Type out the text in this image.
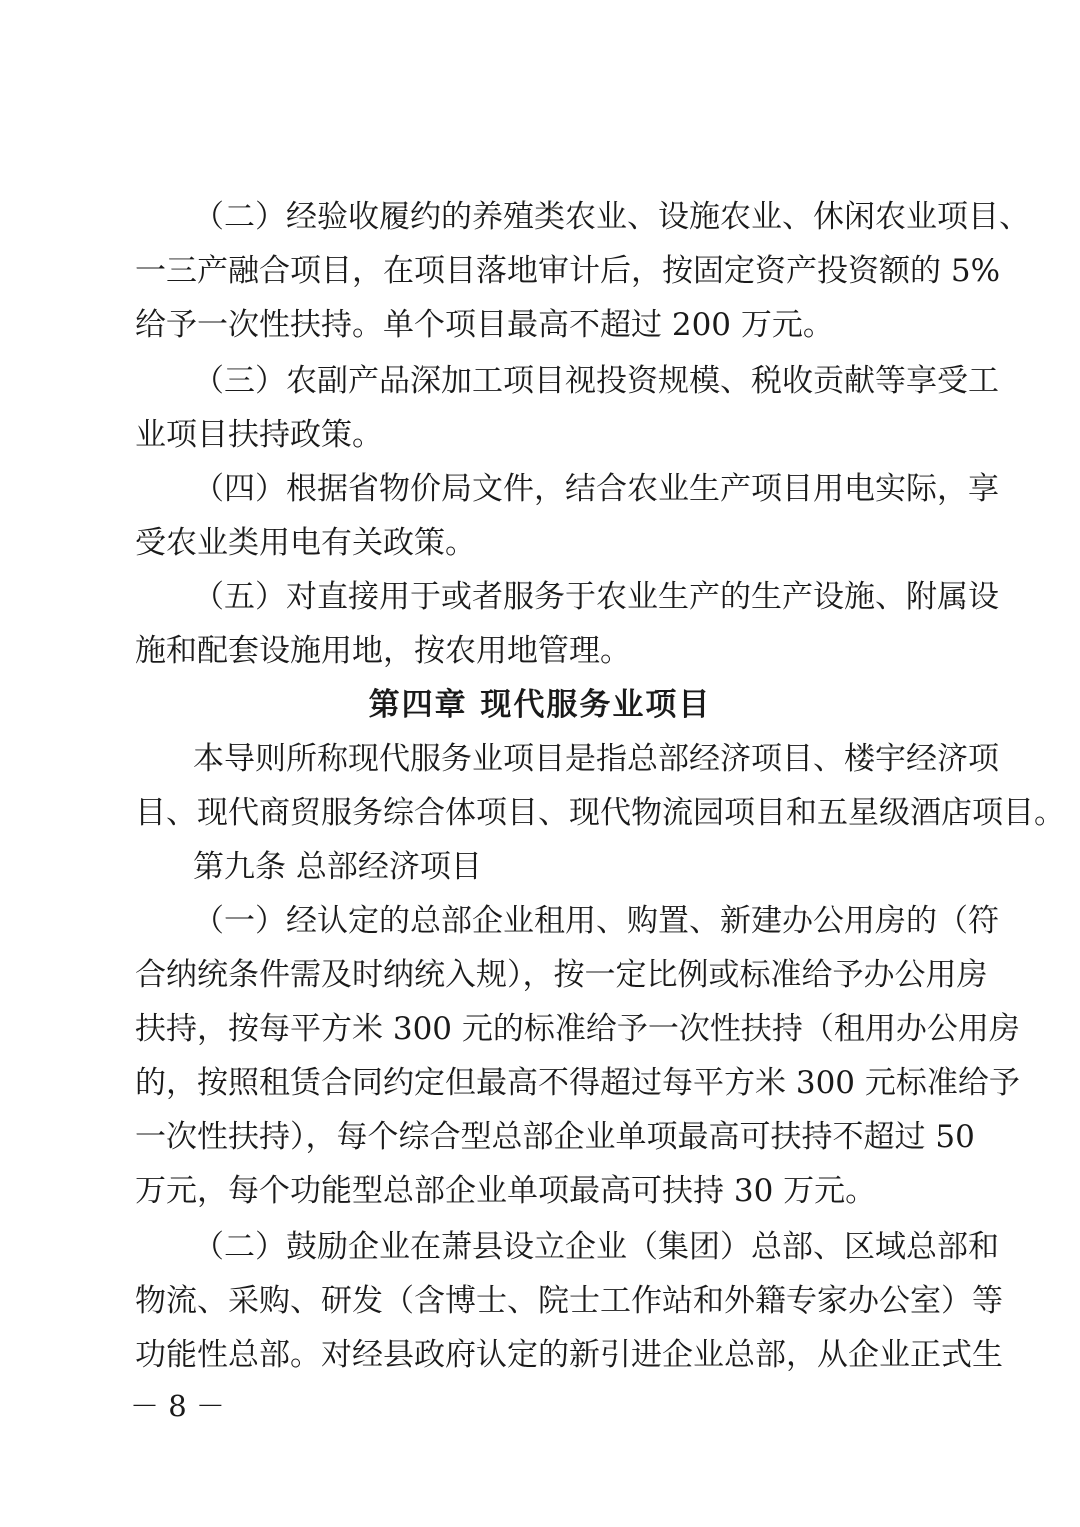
（二）经验收履约的养殖类农业、设施农业、休闲农业项目、
一三产融合项目，在项目落地审计后，按固定资产投资额的 5%
给予一次性扶持。单个项目最高不超过 200 万元。
（三）农副产品深加工项目视投资规模、税收贡献等享受工
业项目扶持政策。
（四）根据省物价局文件，结合农业生产项目用电实际，享
受农业类用电有关政策。
（五）对直接用于或者服务于农业生产的生产设施、附属设
施和配套设施用地，按农用地管理。
第四章 现代服务业项目
本导则所称现代服务业项目是指总部经济项目、楼宇经济项
目、现代商贸服务综合体项目、现代物流园项目和五星级酒店项目。
第九条 总部经济项目
（一）经认定的总部企业租用、购置、新建办公用房的（符
合纳统条件需及时纳统入规），按一定比例或标准给予办公用房
扶持，按每平方米 300 元的标准给予一次性扶持（租用办公用房
的，按照租赁合同约定但最高不得超过每平方米 300 元标准给予
一次性扶持），每个综合型总部企业单项最高可扶持不超过 50
万元，每个功能型总部企业单项最高可扶持 30 万元。
（二）鼓励企业在萧县设立企业（集团）总部、区域总部和
物流、采购、研发（含博士、院士工作站和外籍专家办公室）等
功能性总部。对经县政府认定的新引进企业总部，从企业正式生
－ 8 －
